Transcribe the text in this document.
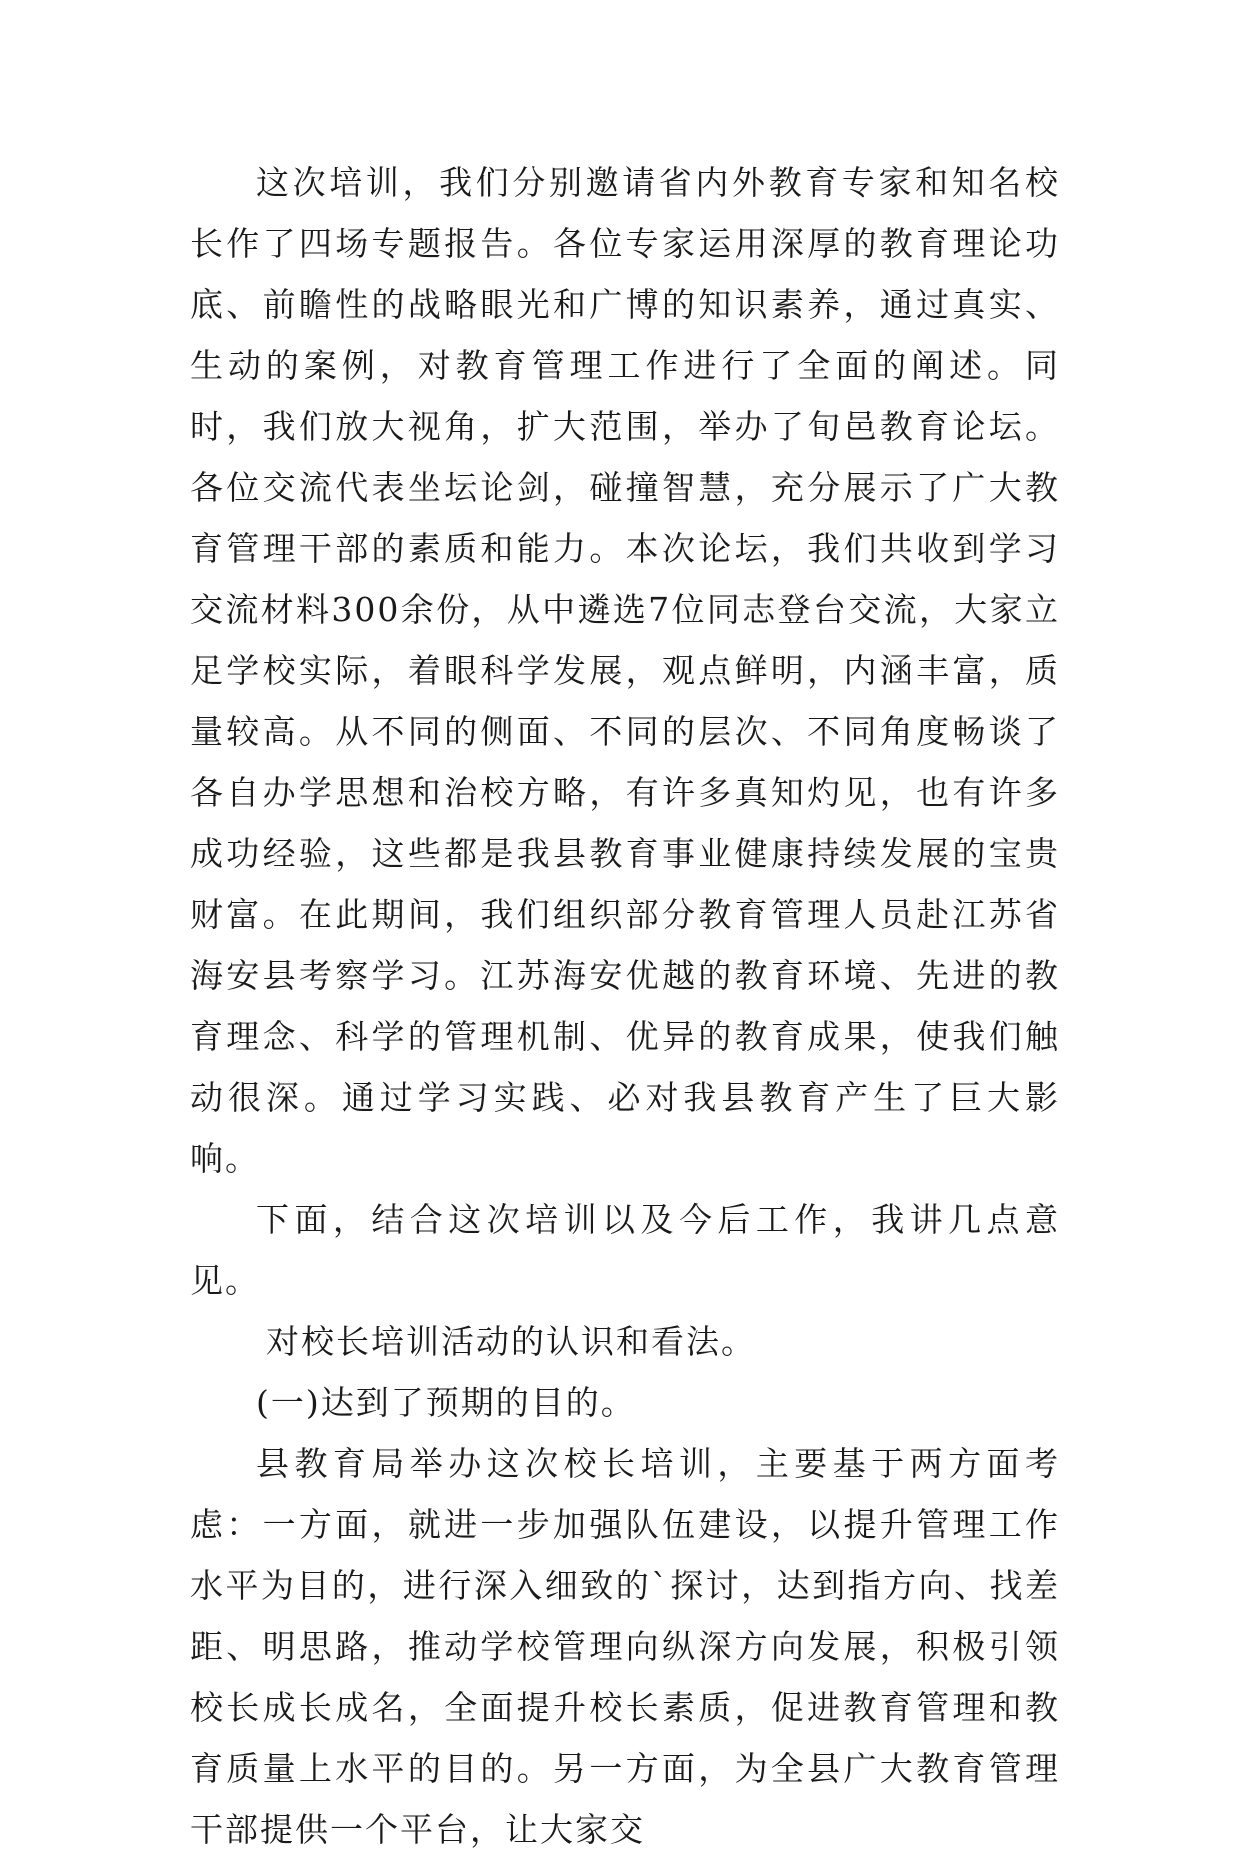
这次培训，我们分别邀请省内外教育专家和知名校长作了四场专题报告。各位专家运用深厚的教育理论功底、前瞻性的战略眼光和广博的知识素养，通过真实、生动的案例，对教育管理工作进行了全面的阐述。同时，我们放大视角，扩大范围，举办了旬邑教育论坛。各位交流代表坐坛论剑，碰撞智慧，充分展示了广大教育管理干部的素质和能力。本次论坛，我们共收到学习交流材料300余份，从中遴选7位同志登台交流，大家立足学校实际，着眼科学发展，观点鲜明，内涵丰富，质量较高。从不同的侧面、不同的层次、不同角度畅谈了各自办学思想和治校方略，有许多真知灼见，也有许多成功经验，这些都是我县教育事业健康持续发展的宝贵财富。在此期间，我们组织部分教育管理人员赴江苏省海安县考察学习。江苏海安优越的教育环境、先进的教育理念、科学的管理机制、优异的教育成果，使我们触动很深。通过学习实践、必对我县教育产生了巨大影响。

下面，结合这次培训以及今后工作，我讲几点意见。

对校长培训活动的认识和看法。

(一)达到了预期的目的。

县教育局举办这次校长培训，主要基于两方面考虑：一方面，就进一步加强队伍建设，以提升管理工作水平为目的，进行深入细致的`探讨，达到指方向、找差距、明思路，推动学校管理向纵深方向发展，积极引领校长成长成名，全面提升校长素质，促进教育管理和教育质量上水平的目的。另一方面，为全县广大教育管理干部提供一个平台，让大家交
